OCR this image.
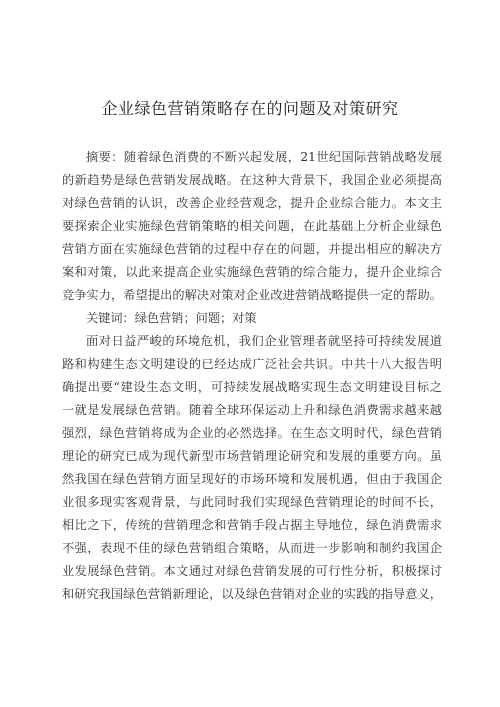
企业绿色营销策略存在的问题及对策研究
摘要：随着绿色消费的不断兴起发展，21世纪国际营销战略发展
的新趋势是绿色营销发展战略。在这种大背景下，我国企业必须提高
对绿色营销的认识，改善企业经营观念，提升企业综合能力。本文主
要探索企业实施绿色营销策略的相关问题，在此基础上分析企业绿色
营销方面在实施绿色营销的过程中存在的问题，并提出相应的解决方
案和对策，以此来提高企业实施绿色营销的综合能力，提升企业综合
竞争实力，希望提出的解决对策对企业改进营销战略提供一定的帮助。
关键词：绿色营销；问题；对策
面对日益严峻的环境危机，我们企业管理者就坚持可持续发展道
路和构建生态文明建设的已经达成广泛社会共识。中共十八大报告明
确提出要“建设生态文明，可持续发展战略实现生态文明建设目标之
一就是发展绿色营销。随着全球环保运动上升和绿色消费需求越来越
强烈，绿色营销将成为企业的必然选择。在生态文明时代，绿色营销
理论的研究已成为现代新型市场营销理论研究和发展的重要方向。虽
然我国在绿色营销方面呈现好的市场环境和发展机遇，但由于我国企
业很多现实客观背景，与此同时我们实现绿色营销理论的时间不长，
相比之下，传统的营销理念和营销手段占据主导地位，绿色消费需求
不强，表现不佳的绿色营销组合策略，从而进一步影响和制约我国企
业发展绿色营销。本文通过对绿色营销发展的可行性分析，积极探讨
和研究我国绿色营销新理论，以及绿色营销对企业的实践的指导意义，
